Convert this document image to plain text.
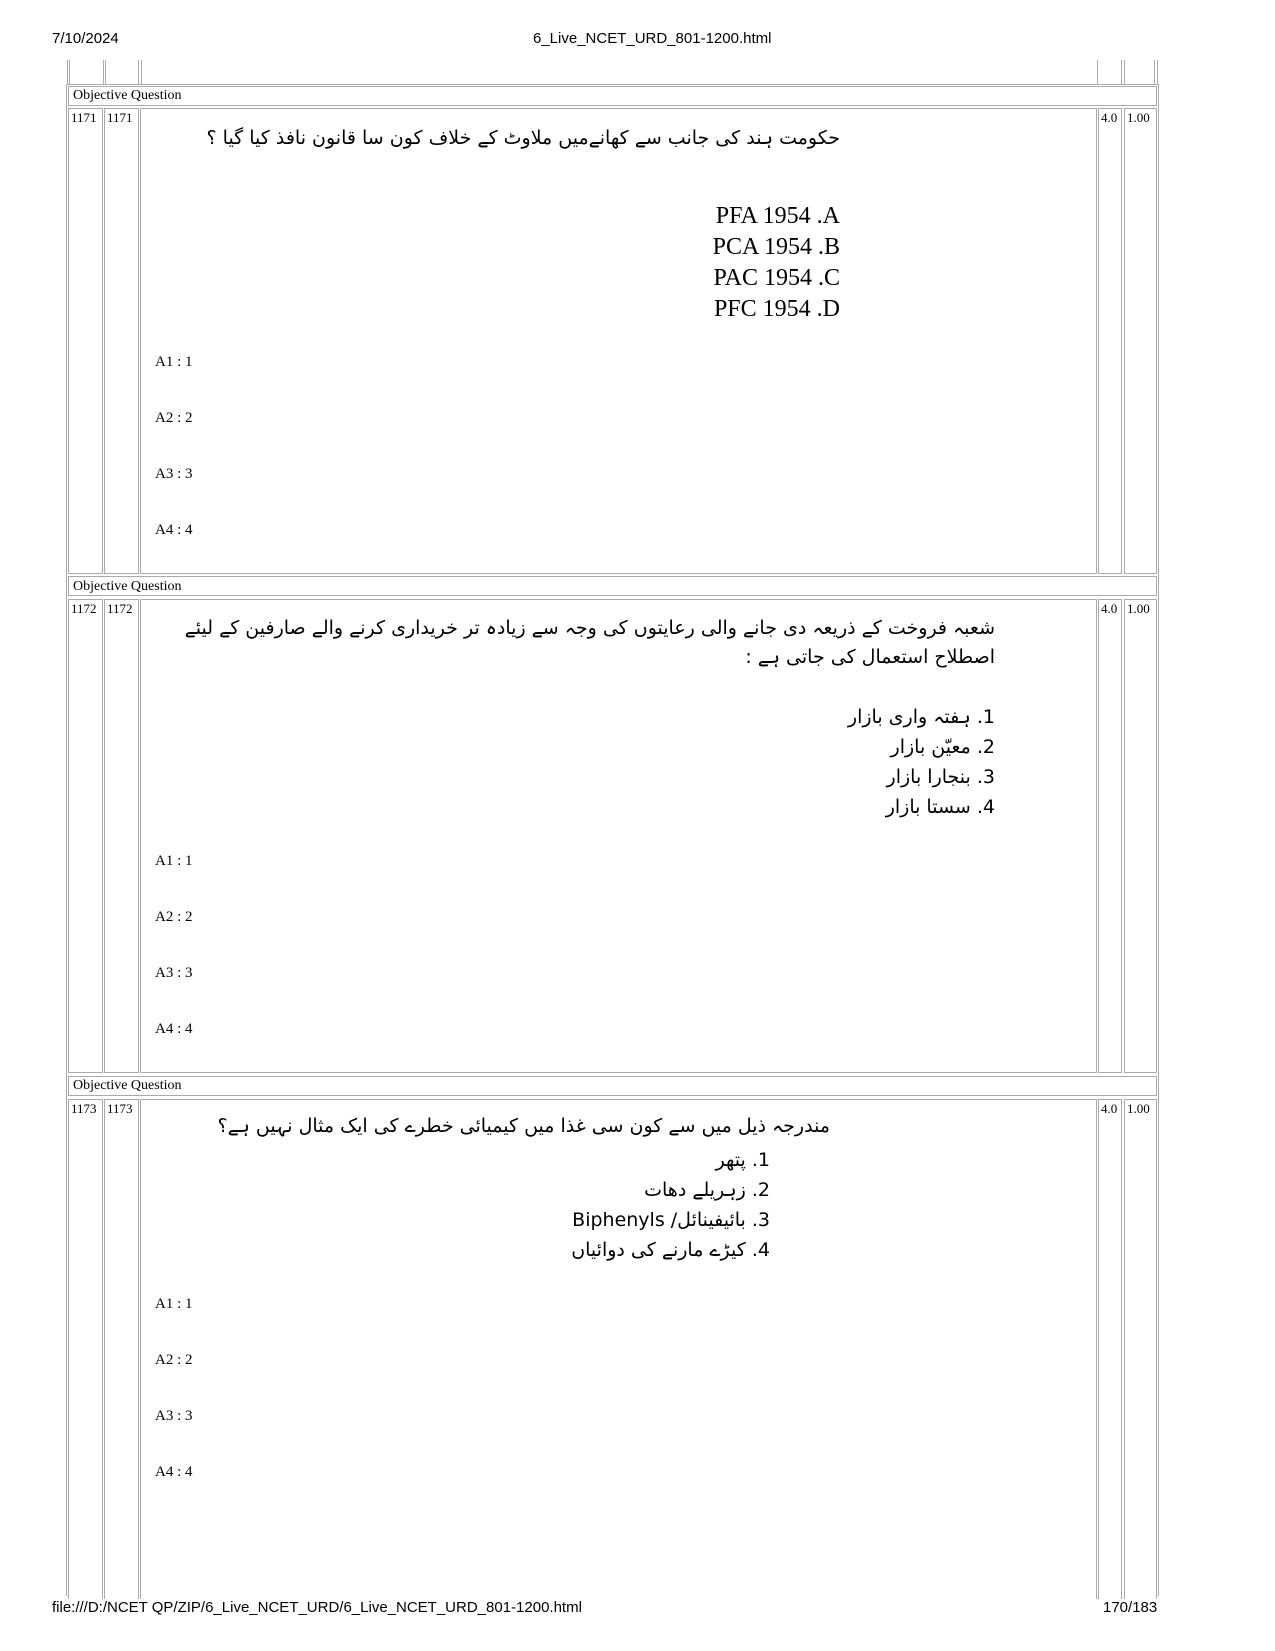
7/10/2024	6_Live_NCET_URD_801-1200.html
Objective Question
1171 1171	4.0 1.00
حکومت ہند کی جانب سے کھانےمیں ملاوٹ کے خلاف کون سا قانون نافذ کیا گیا ؟
PFA 1954 .A
PCA 1954 .B
PAC 1954 .C
PFC 1954 .D
A1 : 1
A2 : 2
A3 : 3
A4 : 4
Objective Question
1172 1172	4.0 1.00
شعبہ فروخت کے ذریعہ دی جانے والی رعایتوں کی وجہ سے زیادہ تر خریداری کرنے والے صارفین کے لیئے اصطلاح استعمال کی جاتی ہے :
1. ہفتہ واری بازار
2. معیّن بازار
3. بنجارا بازار
4. سستا بازار
A1 : 1
A2 : 2
A3 : 3
A4 : 4
Objective Question
1173 1173	4.0 1.00
مندرجہ ذیل میں سے کون سی غذا میں کیمیائی خطرے کی ایک مثال نہیں ہے؟
1. پتھر
2. زہریلے دھات
3. بائیفینائل/ Biphenyls
4. کیڑے مارنے کی دوائیاں
A1 : 1
A2 : 2
A3 : 3
A4 : 4
file:///D:/NCET QP/ZIP/6_Live_NCET_URD/6_Live_NCET_URD_801-1200.html	170/183
